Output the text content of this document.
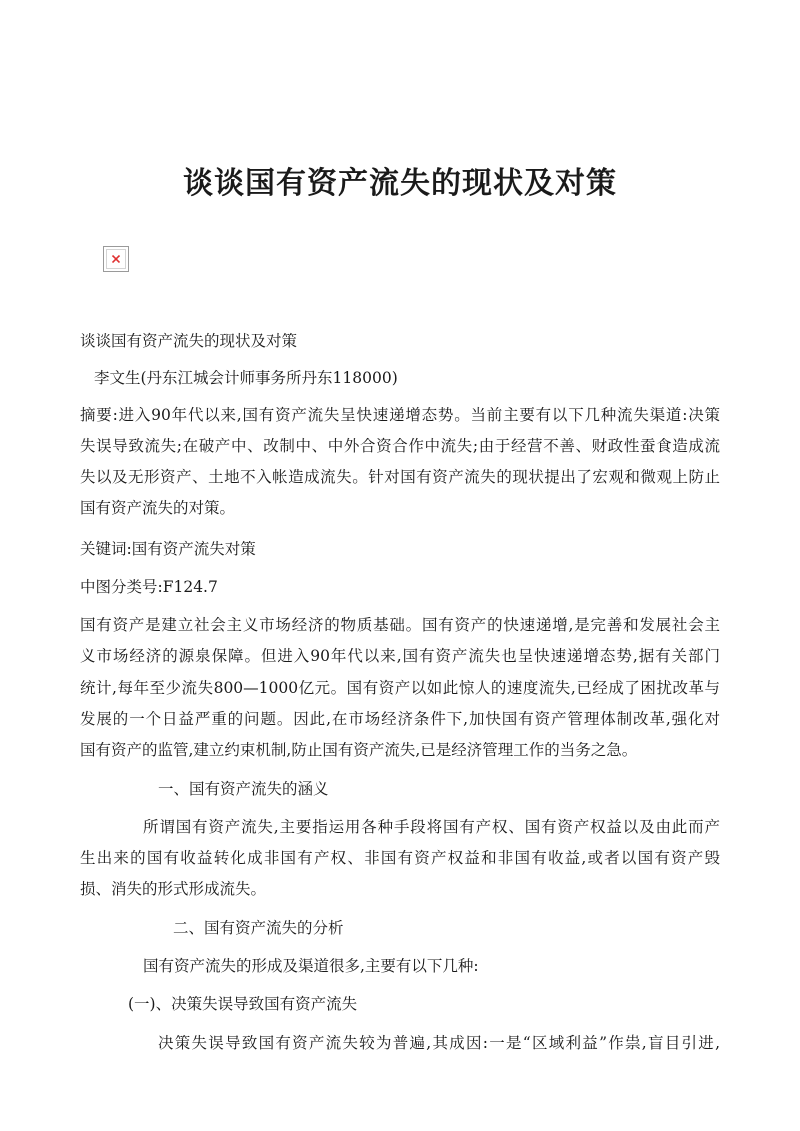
谈谈国有资产流失的现状及对策
谈谈国有资产流失的现状及对策
李文生(丹东江城会计师事务所丹东118000)
摘要:进入90年代以来,国有资产流失呈快速递增态势。当前主要有以下几种流失渠道:决策
失误导致流失;在破产中、改制中、中外合资合作中流失;由于经营不善、财政性蚕食造成流
失以及无形资产、土地不入帐造成流失。针对国有资产流失的现状提出了宏观和微观上防止
国有资产流失的对策。
关键词:国有资产流失对策
中图分类号:F124.7
国有资产是建立社会主义市场经济的物质基础。国有资产的快速递增,是完善和发展社会主
义市场经济的源泉保障。但进入90年代以来,国有资产流失也呈快速递增态势,据有关部门
统计,每年至少流失800—1000亿元。国有资产以如此惊人的速度流失,已经成了困扰改革与
发展的一个日益严重的问题。因此,在市场经济条件下,加快国有资产管理体制改革,强化对
国有资产的监管,建立约束机制,防止国有资产流失,已是经济管理工作的当务之急。
一、国有资产流失的涵义
所谓国有资产流失,主要指运用各种手段将国有产权、国有资产权益以及由此而产
生出来的国有收益转化成非国有产权、非国有资产权益和非国有收益,或者以国有资产毁
损、消失的形式形成流失。
二、国有资产流失的分析
国有资产流失的形成及渠道很多,主要有以下几种:
(一)、决策失误导致国有资产流失
决策失误导致国有资产流失较为普遍,其成因:一是“区域利益”作祟,盲目引进,
